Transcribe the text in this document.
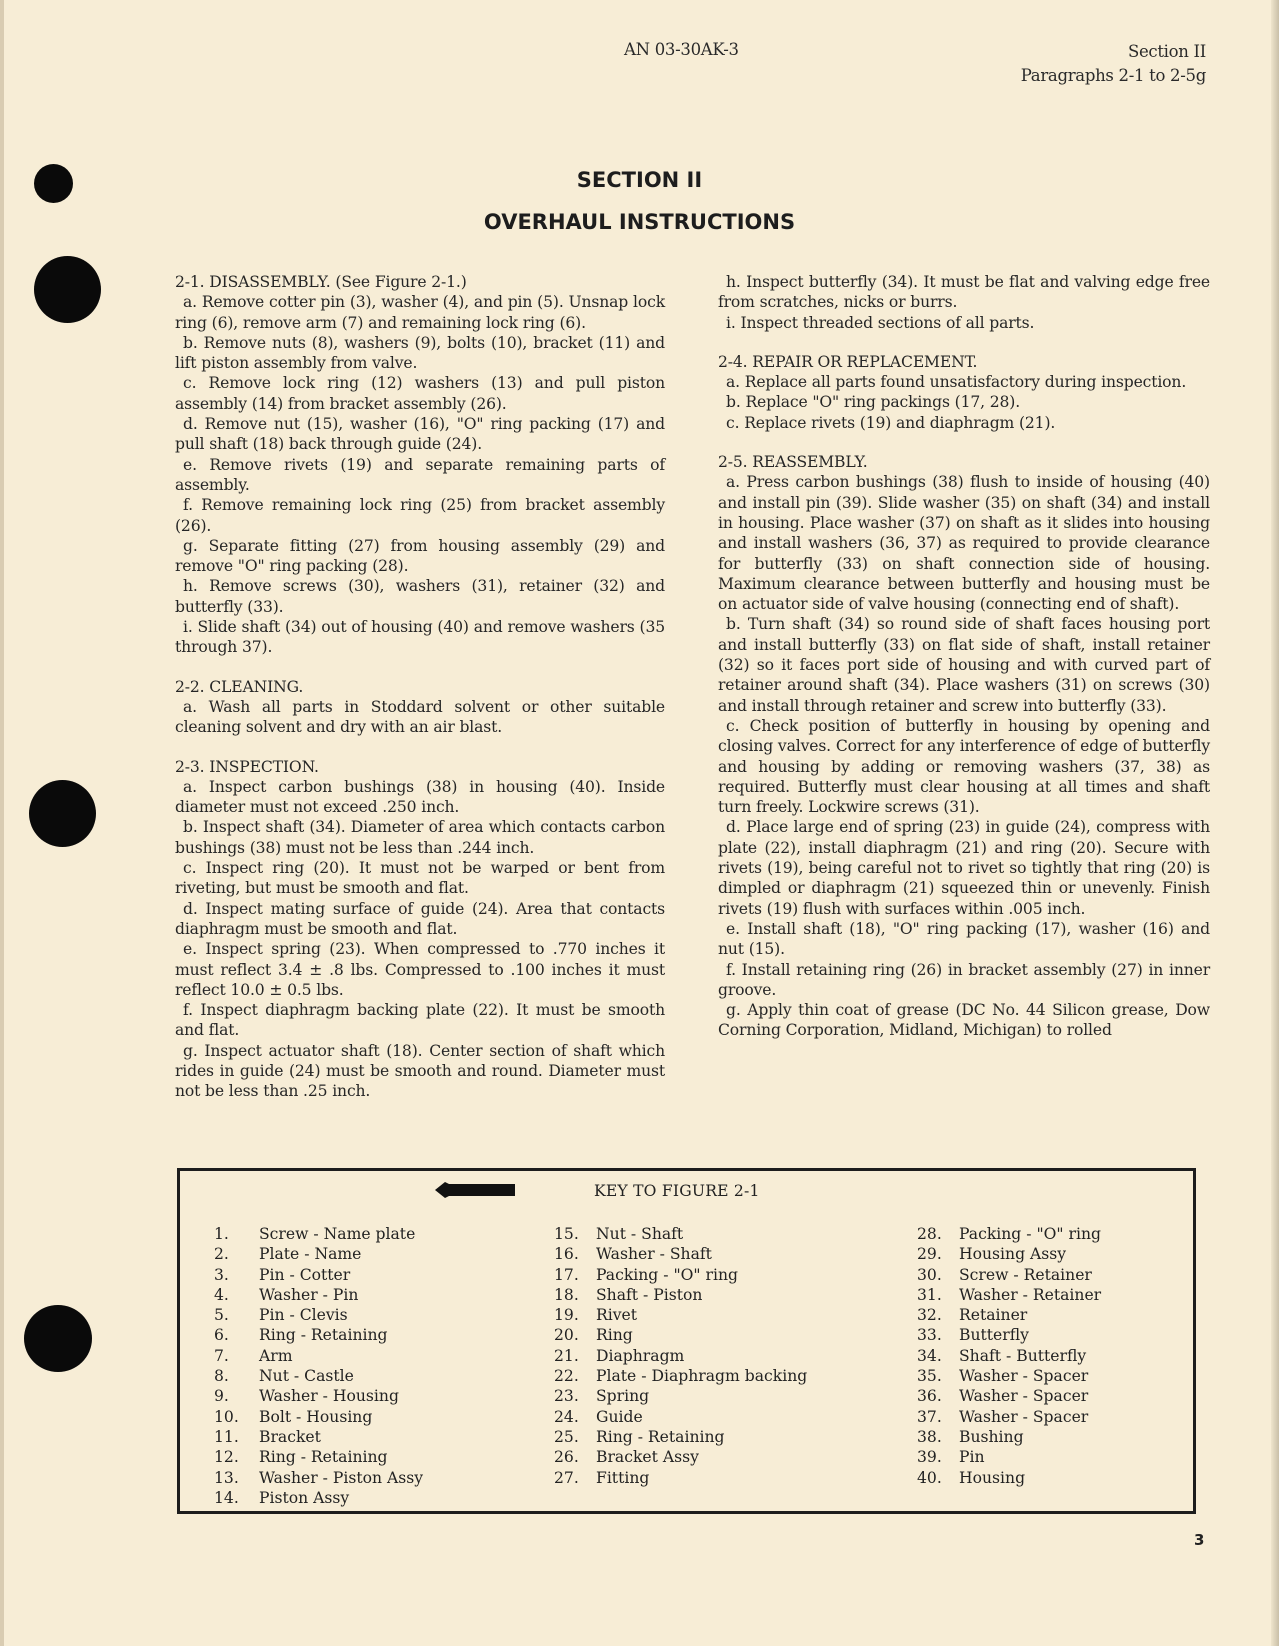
AN 03-30AK-3	Section II
Paragraphs 2-1 to 2-5g
SECTION II
OVERHAUL INSTRUCTIONS

2-1. DISASSEMBLY. (See Figure 2-1.)

a. Remove cotter pin (3), washer (4), and pin (5). Unsnap lock ring (6), remove arm (7) and remaining lock ring (6).

b. Remove nuts (8), washers (9), bolts (10), bracket (11) and lift piston assembly from valve.

c. Remove lock ring (12) washers (13) and pull piston assembly (14) from bracket assembly (26).

d. Remove nut (15), washer (16), "O" ring packing (17) and pull shaft (18) back through guide (24).

e. Remove rivets (19) and separate remaining parts of assembly.

f. Remove remaining lock ring (25) from bracket assembly (26).

g. Separate fitting (27) from housing assembly (29) and remove "O" ring packing (28).

h. Remove screws (30), washers (31), retainer (32) and butterfly (33).

i. Slide shaft (34) out of housing (40) and remove washers (35 through 37).

2-2. CLEANING.

a. Wash all parts in Stoddard solvent or other suitable cleaning solvent and dry with an air blast.

2-3. INSPECTION.

a. Inspect carbon bushings (38) in housing (40). Inside diameter must not exceed .250 inch.

b. Inspect shaft (34). Diameter of area which contacts carbon bushings (38) must not be less than .244 inch.

c. Inspect ring (20). It must not be warped or bent from riveting, but must be smooth and flat.

d. Inspect mating surface of guide (24). Area that contacts diaphragm must be smooth and flat.

e. Inspect spring (23). When compressed to .770 inches it must reflect 3.4 ± .8 lbs. Compressed to .100 inches it must reflect 10.0 ± 0.5 lbs.

f. Inspect diaphragm backing plate (22). It must be smooth and flat.

g. Inspect actuator shaft (18). Center section of shaft which rides in guide (24) must be smooth and round. Diameter must not be less than .25 inch.

h. Inspect butterfly (34). It must be flat and valving edge free from scratches, nicks or burrs.

i. Inspect threaded sections of all parts.

2-4. REPAIR OR REPLACEMENT.

a. Replace all parts found unsatisfactory during inspection.

b. Replace "O" ring packings (17, 28).

c. Replace rivets (19) and diaphragm (21).

2-5. REASSEMBLY.

a. Press carbon bushings (38) flush to inside of housing (40) and install pin (39). Slide washer (35) on shaft (34) and install in housing. Place washer (37) on shaft as it slides into housing and install washers (36, 37) as required to provide clearance for butterfly (33) on shaft connection side of housing. Maximum clearance between butterfly and housing must be on actuator side of valve housing (connecting end of shaft).

b. Turn shaft (34) so round side of shaft faces housing port and install butterfly (33) on flat side of shaft, install retainer (32) so it faces port side of housing and with curved part of retainer around shaft (34). Place washers (31) on screws (30) and install through retainer and screw into butterfly (33).

c. Check position of butterfly in housing by opening and closing valves. Correct for any interference of edge of butterfly and housing by adding or removing washers (37, 38) as required. Butterfly must clear housing at all times and shaft turn freely. Lockwire screws (31).

d. Place large end of spring (23) in guide (24), compress with plate (22), install diaphragm (21) and ring (20). Secure with rivets (19), being careful not to rivet so tightly that ring (20) is dimpled or diaphragm (21) squeezed thin or unevenly. Finish rivets (19) flush with surfaces within .005 inch.

e. Install shaft (18), "O" ring packing (17), washer (16) and nut (15).

f. Install retaining ring (26) in bracket assembly (27) in inner groove.

g. Apply thin coat of grease (DC No. 44 Silicon grease, Dow Corning Corporation, Midland, Michigan) to rolled

KEY TO FIGURE 2-1
1.	Screw - Name plate
2.	Plate - Name
3.	Pin - Cotter
4.	Washer - Pin
5.	Pin - Clevis
6.	Ring - Retaining
7.	Arm
8.	Nut - Castle
9.	Washer - Housing
10.	Bolt - Housing
11.	Bracket
12.	Ring - Retaining
13.	Washer - Piston Assy
14.	Piston Assy
15.	Nut - Shaft
16.	Washer - Shaft
17.	Packing - "O" ring
18.	Shaft - Piston
19.	Rivet
20.	Ring
21.	Diaphragm
22.	Plate - Diaphragm backing
23.	Spring
24.	Guide
25.	Ring - Retaining
26.	Bracket Assy
27.	Fitting
28.	Packing - "O" ring
29.	Housing Assy
30.	Screw - Retainer
31.	Washer - Retainer
32.	Retainer
33.	Butterfly
34.	Shaft - Butterfly
35.	Washer - Spacer
36.	Washer - Spacer
37.	Washer - Spacer
38.	Bushing
39.	Pin
40.	Housing
3
